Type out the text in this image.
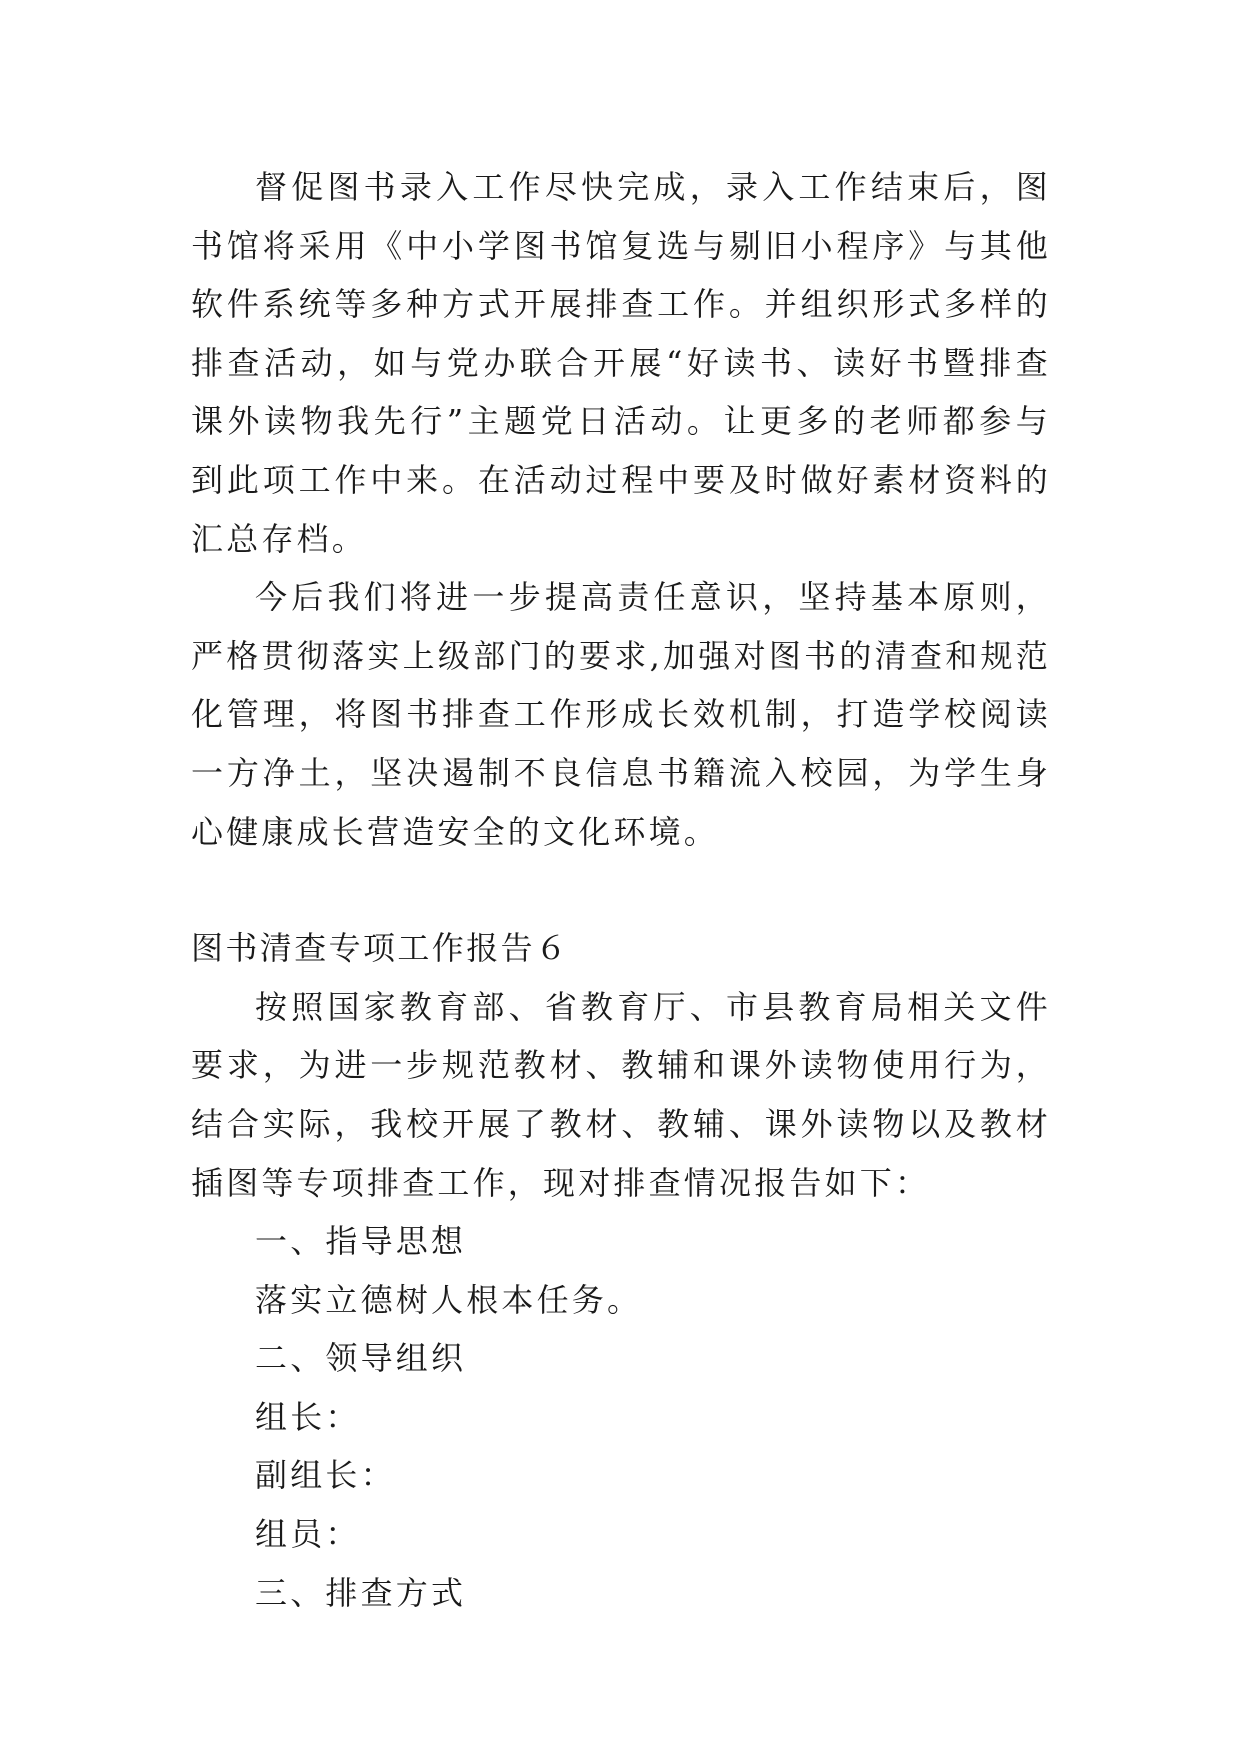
督促图书录入工作尽快完成，录入工作结束后，图书馆将采用《中小学图书馆复选与剔旧小程序》与其他软件系统等多种方式开展排查工作。并组织形式多样的排查活动，如与党办联合开展“好读书、读好书暨排查课外读物我先行”主题党日活动。让更多的老师都参与到此项工作中来。在活动过程中要及时做好素材资料的汇总存档。

今后我们将进一步提高责任意识，坚持基本原则，严格贯彻落实上级部门的要求,加强对图书的清查和规范化管理，将图书排查工作形成长效机制，打造学校阅读一方净土，坚决遏制不良信息书籍流入校园，为学生身心健康成长营造安全的文化环境。

图书清查专项工作报告６

按照国家教育部、省教育厅、市县教育局相关文件要求，为进一步规范教材、教辅和课外读物使用行为，结合实际，我校开展了教材、教辅、课外读物以及教材插图等专项排查工作，现对排查情况报告如下：

一、指导思想

落实立德树人根本任务。

二、领导组织

组长：

副组长：

组员：

三、排查方式
